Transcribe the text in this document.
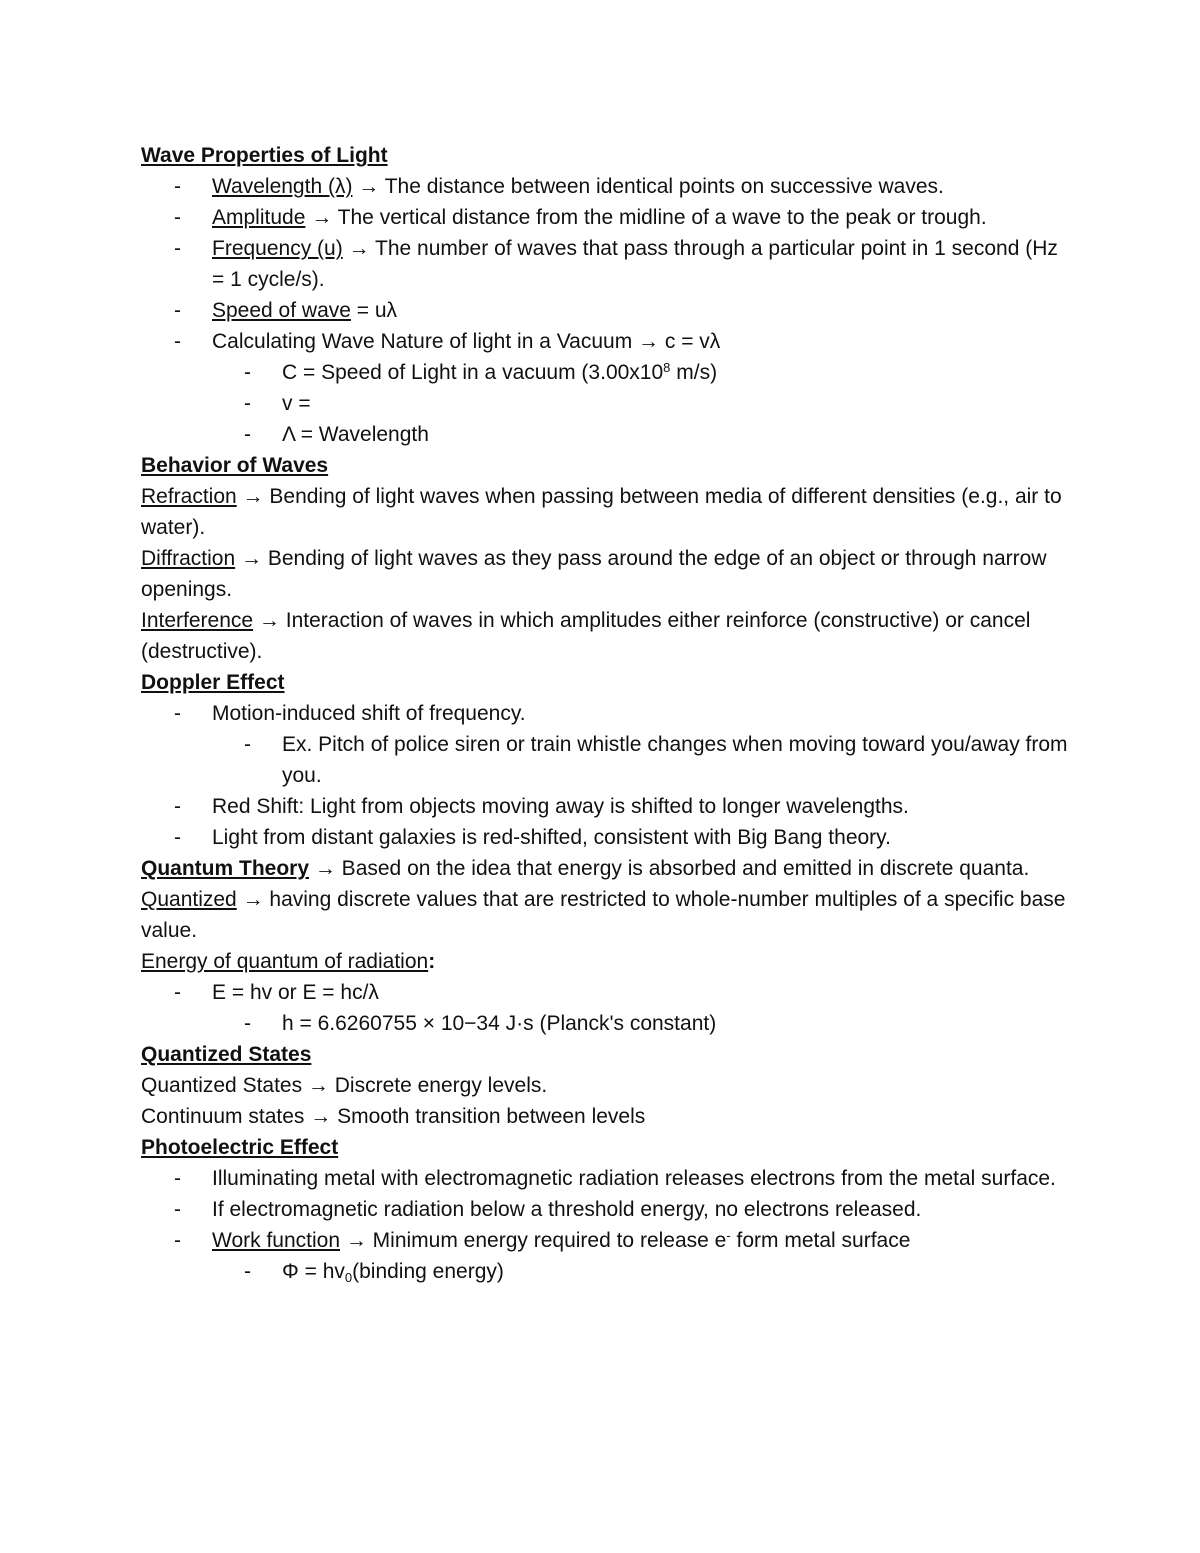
Wave Properties of Light

- Wavelength (λ) → The distance between identical points on successive waves.

- Amplitude → The vertical distance from the midline of a wave to the peak or trough.

- Frequency (u) → The number of waves that pass through a particular point in 1 second (Hz = 1 cycle/s).

- Speed of wave = uλ

- Calculating Wave Nature of light in a Vacuum → c = vλ

- C = Speed of Light in a vacuum ($3.00x10^8$ m/s)

- v =

- Λ = Wavelength

Behavior of Waves

Refraction → Bending of light waves when passing between media of different densities (e.g., air to water).

Diffraction → Bending of light waves as they pass around the edge of an object or through narrow openings.

Interference → Interaction of waves in which amplitudes either reinforce (constructive) or cancel (destructive).

Doppler Effect

- Motion-induced shift of frequency.

- Ex. Pitch of police siren or train whistle changes when moving toward you/away from you.

- Red Shift: Light from objects moving away is shifted to longer wavelengths.

- Light from distant galaxies is red-shifted, consistent with Big Bang theory.

Quantum Theory → Based on the idea that energy is absorbed and emitted in discrete quanta.

Quantized → having discrete values that are restricted to whole-number multiples of a specific base value.

Energy of quantum of radiation:

- E = hv or E = hc/λ

- h = 6.6260755 × 10−34 J·s (Planck's constant)

Quantized States

Quantized States → Discrete energy levels.

Continuum states → Smooth transition between levels

Photoelectric Effect

- Illuminating metal with electromagnetic radiation releases electrons from the metal surface.

- If electromagnetic radiation below a threshold energy, no electrons released.

- Work function → Minimum energy required to release e- form metal surface

- $\Phi = hv_0(binding$ energy)
